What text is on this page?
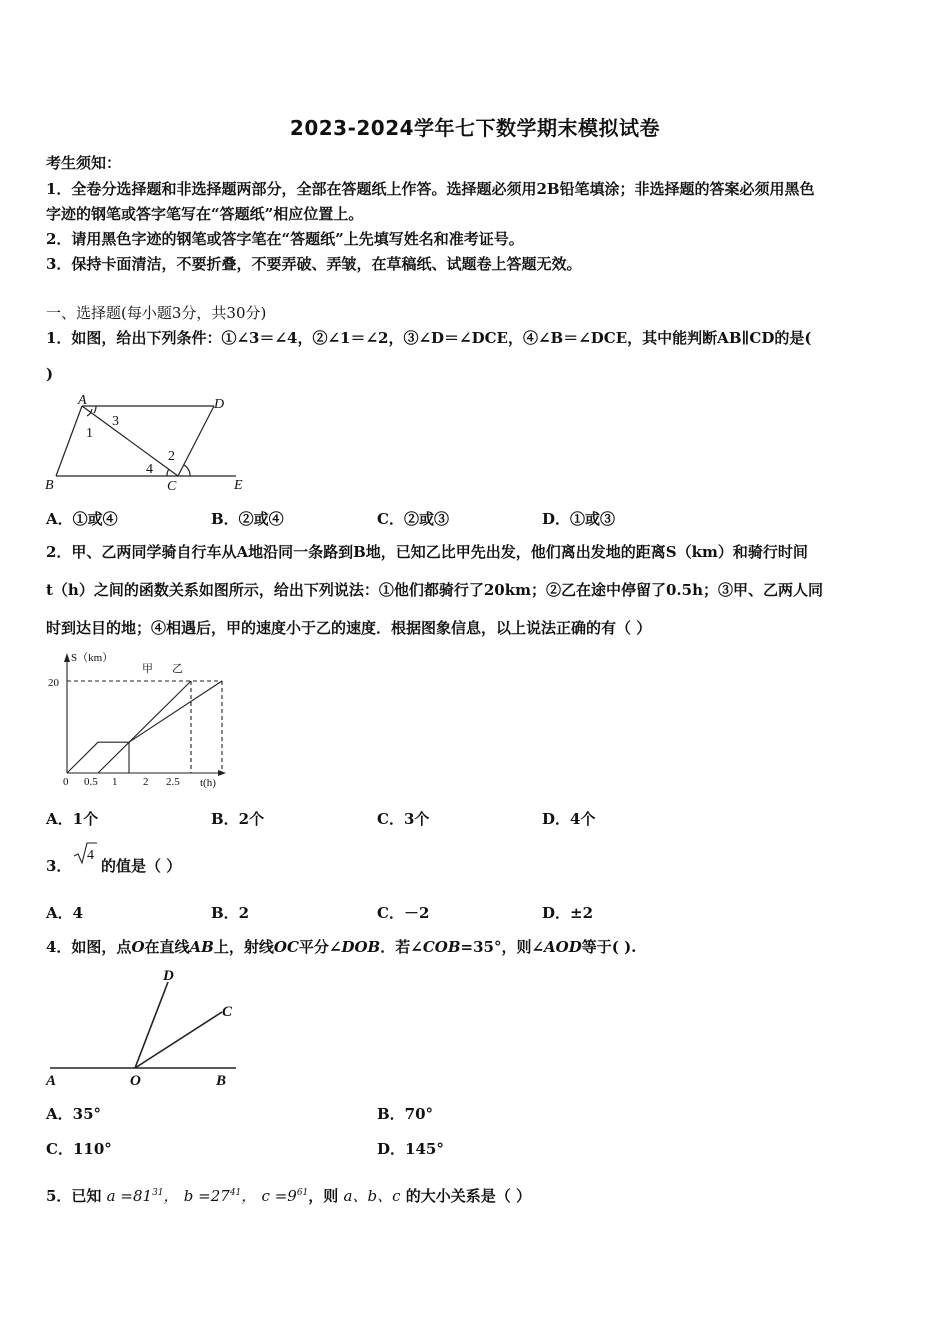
2023-2024学年七下数学期末模拟试卷
考生须知：
1．全卷分选择题和非选择题两部分，全部在答题纸上作答。选择题必须用2B铅笔填涂；非选择题的答案必须用黑色
字迹的钢笔或答字笔写在“答题纸”相应位置上。
2．请用黑色字迹的钢笔或答字笔在“答题纸”上先填写姓名和准考证号。
3．保持卡面清洁，不要折叠，不要弄破、弄皱，在草稿纸、试题卷上答题无效。
一、选择题(每小题3分，共30分)
1．如图，给出下列条件：①∠3＝∠4，②∠1＝∠2，③∠D＝∠DCE，④∠B＝∠DCE，其中能判断AB∥CD的是(
)
A	D
B	C	E
1
3
2
4
A．①或④	B．②或④	C．②或③	D．①或③
2．甲、乙两同学骑自行车从A地沿同一条路到B地，已知乙比甲先出发，他们离出发地的距离S（km）和骑行时间
t（h）之间的函数关系如图所示，给出下列说法：①他们都骑行了20km；②乙在途中停留了0.5h；③甲、乙两人同
时到达目的地；④相遇后，甲的速度小于乙的速度．根据图象信息，以上说法正确的有（ ）
S（km）
t(h)
20
0 0.5 1 2 2.5
甲 乙
A．1个	B．2个	C．3个	D．4个
3．
4
的值是（ ）
A．4	B．2	C．－2	D．±2
4．如图，点O在直线AB上，射线OC平分∠DOB．若∠COB=35°，则∠AOD等于( ).
A	O	B
C
D
A．35°	B．70°
C．110°	D．145°
5．已知 $a =81^{31}$， $b =27^{41}$， $c =9^{61}$，则 a、b、c 的大小关系是（ ）
